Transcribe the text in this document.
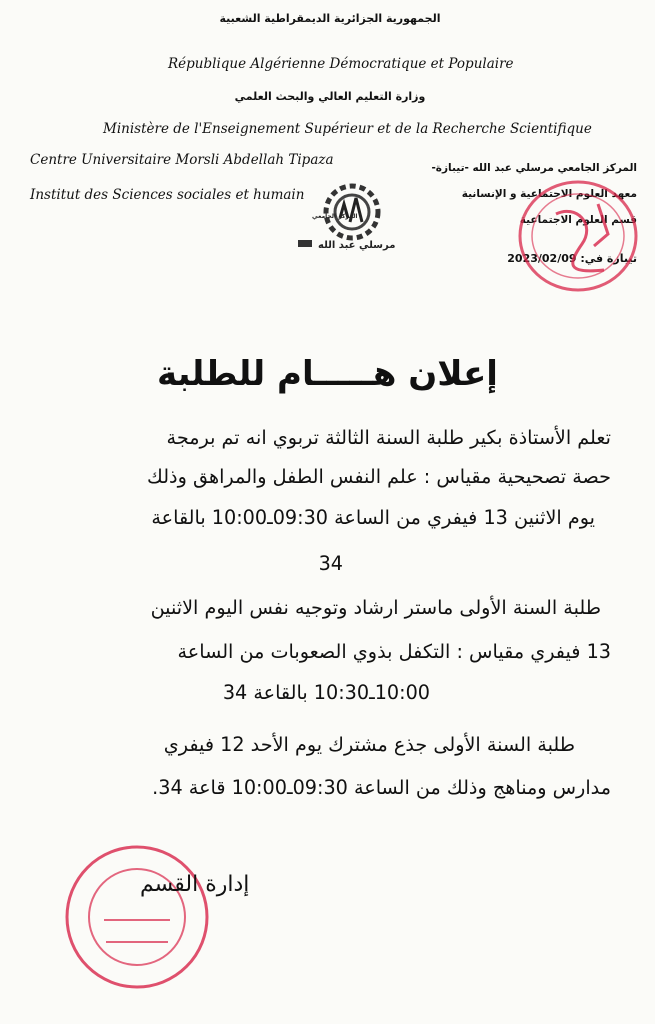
الجمهورية الجزائرية الديمقراطية الشعبية
République Algérienne Démocratique et Populaire
وزارة التعليم العالي والبحث العلمي
Ministère de l'Enseignement Supérieur et de la Recherche Scientifique
Centre Universitaire Morsli Abdellah Tipaza
Institut des Sciences sociales et humain
المركز الجامعي مرسلي عبد الله -تيبازة-
معهد العلوم الاجتماعية و الإنسانية
قسم العلوم الاجتماعية
تيبازة في: 2023/02/09
المركز الجامعي
مرسلي عبد الله
إعلان هـــــام للطلبة
تعلم الأستاذة بكير طلبة السنة الثالثة تربوي انه تم برمجة
حصة تصحيحية مقياس : علم النفس الطفل والمراهق وذلك
يوم الاثنين 13 فيفري من الساعة 09:30ـ10:00 بالقاعة
34
طلبة السنة الأولى ماستر ارشاد وتوجيه نفس اليوم الاثنين
13 فيفري مقياس : التكفل بذوي الصعوبات من الساعة
10:00ـ10:30 بالقاعة 34
طلبة السنة الأولى جذع مشترك يوم الأحد 12 فيفري
مدارس ومناهج وذلك من الساعة 09:30ـ10:00 قاعة 34.
إدارة القسم
